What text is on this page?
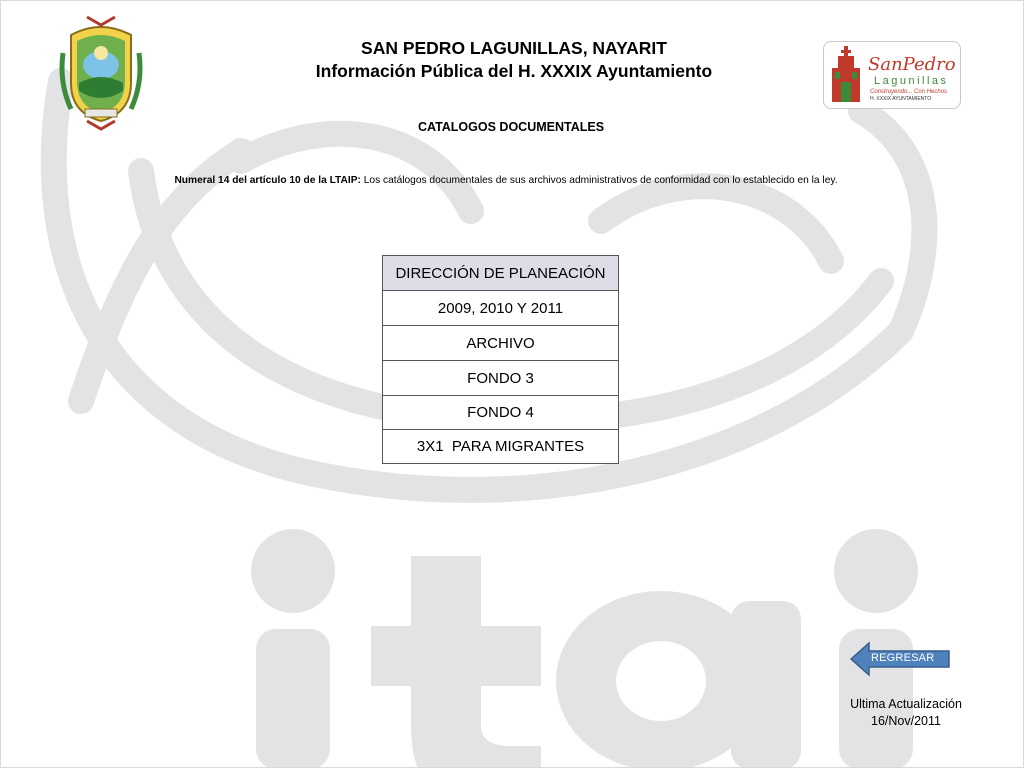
SAN PEDRO LAGUNILLAS, NAYARIT
Información Pública del H. XXXIX Ayuntamiento	SanPedro
Lagunillas
Construyendo... Con Hechos
H. XXXIX AYUNTAMIENTO
CATALOGOS DOCUMENTALES
Numeral 14 del artículo 10 de la LTAIP: Los catálogos documentales de sus archivos administrativos de conformidad con lo establecido en la ley.
DIRECCIÓN DE PLANEACIÓN
2009, 2010 Y 2011
ARCHIVO
FONDO 3
FONDO 4
3X1  PARA MIGRANTES
REGRESAR
Ultima Actualización
16/Nov/2011
